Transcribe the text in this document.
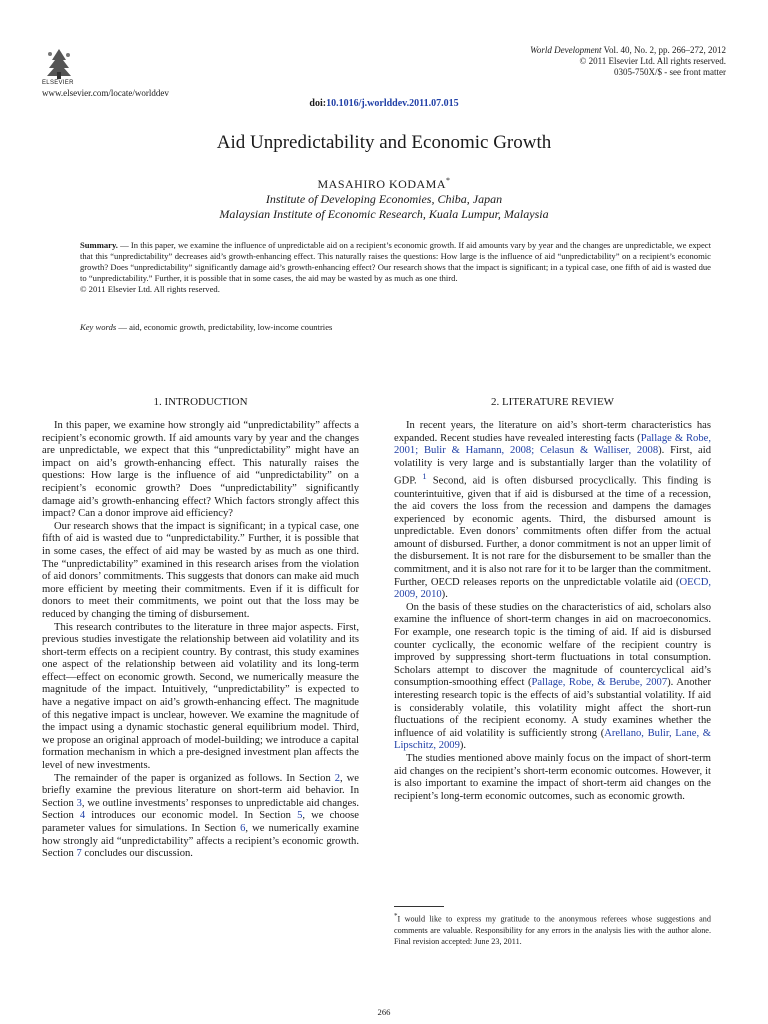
ELSEVIER
www.elsevier.com/locate/worlddev
World Development Vol. 40, No. 2, pp. 266–272, 2012
© 2011 Elsevier Ltd. All rights reserved.
0305-750X/$ - see front matter
doi:10.1016/j.worlddev.2011.07.015
Aid Unpredictability and Economic Growth
MASAHIRO KODAMA*
Institute of Developing Economies, Chiba, Japan
Malaysian Institute of Economic Research, Kuala Lumpur, Malaysia
Summary. — In this paper, we examine the influence of unpredictable aid on a recipient’s economic growth. If aid amounts vary by year and the changes are unpredictable, we expect that this “unpredictability” decreases aid’s growth-enhancing effect. This naturally raises the questions: How large is the influence of aid “unpredictability” on a recipient’s economic growth? Does “unpredictability” significantly damage aid’s growth-enhancing effect? Our research shows that the impact is significant; in a typical case, one fifth of aid is wasted due to “unpredictability.” Further, it is possible that in some cases, the aid may be wasted by as much as one third.
© 2011 Elsevier Ltd. All rights reserved.
Key words — aid, economic growth, predictability, low-income countries
1. INTRODUCTION	2. LITERATURE REVIEW

In this paper, we examine how strongly aid “unpredictability” affects a recipient’s economic growth. If aid amounts vary by year and the changes are unpredictable, we expect that this “unpredictability” might have an impact on aid’s growth-enhancing effect. This naturally raises the questions: How large is the influence of aid “unpredictability” on a recipient’s economic growth? Does “unpredictability” significantly damage aid’s growth-enhancing effect? Which factors strongly affect this impact? Can a donor improve aid efficiency?

Our research shows that the impact is significant; in a typical case, one fifth of aid is wasted due to “unpredictability.” Further, it is possible that in some cases, the effect of aid may be wasted by as much as one third. The “unpredictability” examined in this research arises from the violation of aid donors’ commitments. This suggests that donors can make aid much more efficient by meeting their commitments. Even if it is difficult for donors to meet their commitments, we point out that the loss may be reduced by changing the timing of disbursement.

This research contributes to the literature in three major aspects. First, previous studies investigate the relationship between aid volatility and its short-term effects on a recipient country. By contrast, this study examines one aspect of the relationship between aid volatility and its long-term effect—effect on economic growth. Second, we numerically measure the magnitude of the impact. Intuitively, “unpredictability” is expected to have a negative impact on aid’s growth-enhancing effect. The magnitude of this negative impact is unclear, however. We examine the magnitude of the impact using a dynamic stochastic general equilibrium model. Third, we propose an original approach of model-building; we introduce a capital formation mechanism in which a pre-designed investment plan affects the level of new investments.

The remainder of the paper is organized as follows. In Section 2, we briefly examine the previous literature on short-term aid behavior. In Section 3, we outline investments’ responses to unpredictable aid changes. Section 4 introduces our economic model. In Section 5, we choose parameter values for simulations. In Section 6, we numerically examine how strongly aid “unpredictability” affects a recipient’s economic growth. Section 7 concludes our discussion.

In recent years, the literature on aid’s short-term characteristics has expanded. Recent studies have revealed interesting facts (Pallage & Robe, 2001; Bulir & Hamann, 2008; Celasun & Walliser, 2008). First, aid volatility is very large and is substantially larger than the volatility of GDP. $^1$ Second, aid is often disbursed procyclically. This finding is counterintuitive, given that if aid is disbursed at the time of a recession, the aid covers the loss from the recession and dampens the damages experienced by economic agents. Third, the disbursed amount is unpredictable. Even donors’ commitments often differ from the actual amount of disbursed. Further, a donor commitment is not an upper limit of the disbursement. It is not rare for the disbursement to be smaller than the commitment, and it is also not rare for it to be larger than the commitment. Further, OECD releases reports on the unpredictable volatile aid (OECD, 2009, 2010).

On the basis of these studies on the characteristics of aid, scholars also examine the influence of short-term changes in aid on macroeconomics. For example, one research topic is the timing of aid. If aid is disbursed counter cyclically, the economic welfare of the recipient country is improved by suppressing short-term fluctuations in total consumption. Scholars attempt to discover the magnitude of countercyclical aid’s consumption-smoothing effect (Pallage, Robe, & Berube, 2007). Another interesting research topic is the effects of aid’s substantial volatility. If aid is considerably volatile, this volatility might affect the short-run fluctuations of the recipient economy. A study examines whether the influence of aid volatility is sufficiently strong (Arellano, Bulir, Lane, & Lipschitz, 2009).

The studies mentioned above mainly focus on the impact of short-term aid changes on the recipient’s short-term economic outcomes. However, it is also important to examine the impact of short-term aid changes on the recipient’s long-term economic outcomes, such as economic growth.

*I would like to express my gratitude to the anonymous referees whose suggestions and comments are valuable. Responsibility for any errors in the analysis lies with the author alone. Final revision accepted: June 23, 2011.
266
